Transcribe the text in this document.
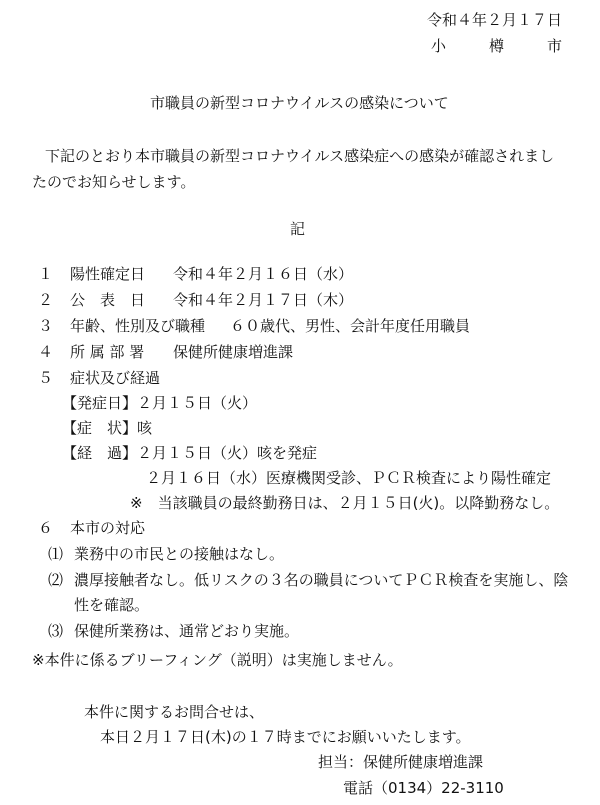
令和４年２月１７日
小　樽　市
市職員の新型コロナウイルスの感染について
下記のとおり本市職員の新型コロナウイルス感染症への感染が確認されまし
たのでお知らせします。
記
１ 陽性確定日 令和４年２月１６日（水）
２ 公　表　日 令和４年２月１７日（木）
３ 年齢、性別及び職種 ６０歳代、男性、会計年度任用職員
４ 所 属 部 署 保健所健康増進課
５ 症状及び経過
【発症日】２月１５日（火）
【症　状】咳
【経　過】２月１５日（火）咳を発症
２月１６日（水）医療機関受診、ＰＣＲ検査により陽性確定
※　当該職員の最終勤務日は、２月１５日(火)。以降勤務なし。
６ 本市の対応
⑴ 業務中の市民との接触はなし。
⑵ 濃厚接触者なし。低リスクの３名の職員についてＰＣＲ検査を実施し、陰
性を確認。
⑶ 保健所業務は、通常どおり実施。
※本件に係るブリーフィング（説明）は実施しません。
本件に関するお問合せは、
本日２月１７日(木)の１７時までにお願いいたします。
担当：保健所健康増進課
電話（0134）22-3110
